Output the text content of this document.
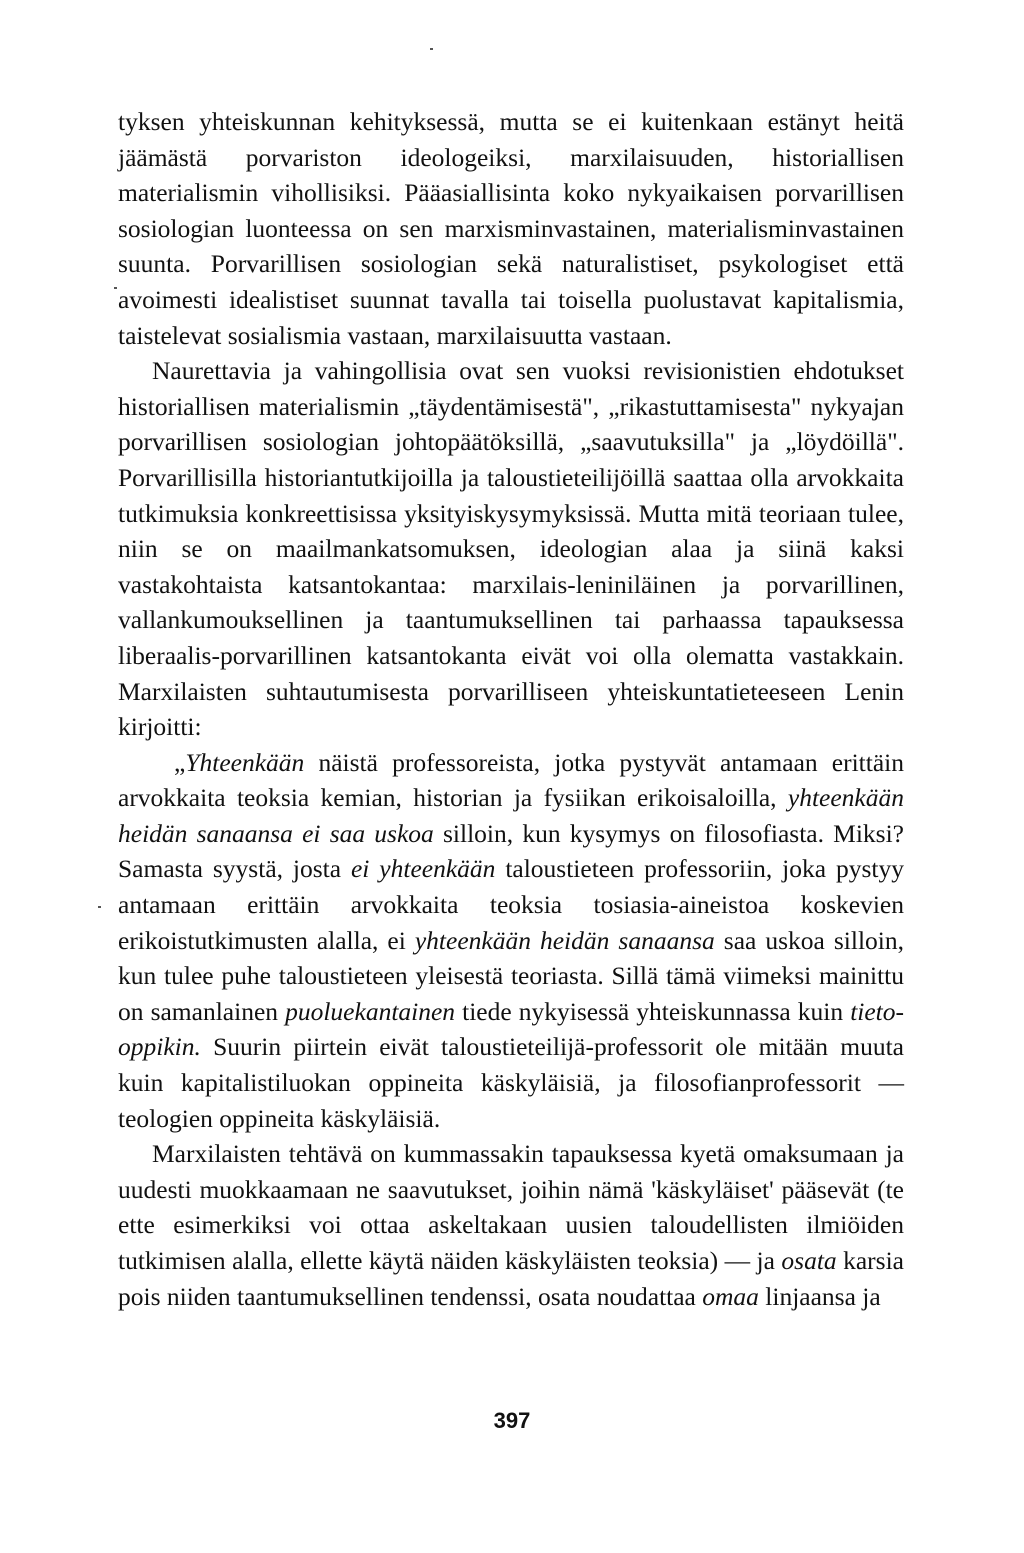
tyksen yhteiskunnan kehityksessä, mutta se ei kuitenkaan estänyt heitä jäämästä porvariston ideologeiksi, marxilaisuuden, historiallisen materialismin vihollisiksi. Pääasiallisinta koko nykyaikaisen porvarillisen sosiologian luonteessa on sen marxisminvastainen, materialisminvastainen suunta. Porvarillisen sosiologian sekä naturalistiset, psykologiset että avoimesti idealistiset suunnat tavalla tai toisella puolustavat kapitalismia, taistelevat sosialismia vastaan, marxilaisuutta vastaan.

Naurettavia ja vahingollisia ovat sen vuoksi revisionistien ehdotukset historiallisen materialismin „täydentämisestä", „rikastuttamisesta" nykyajan porvarillisen sosiologian johtopäätöksillä, „saavutuksilla" ja „löydöillä". Porvarillisilla historiantutkijoilla ja taloustieteilijöillä saattaa olla arvokkaita tutkimuksia konkreettisissa yksityiskysymyksissä. Mutta mitä teoriaan tulee, niin se on maailmankatsomuksen, ideologian alaa ja siinä kaksi vastakohtaista katsantokantaa: marxilais-leniniläinen ja porvarillinen, vallankumouksellinen ja taantumuksellinen tai parhaassa tapauksessa liberaalis-porvarillinen katsantokanta eivät voi olla olematta vastakkain. Marxilaisten suhtautumisesta porvarilliseen yhteiskuntatieteeseen Lenin kirjoitti:

„Yhteenkään näistä professoreista, jotka pystyvät antamaan erittäin arvokkaita teoksia kemian, historian ja fysiikan erikoisaloilla, yhteenkään heidän sanaansa ei saa uskoa silloin, kun kysymys on filosofiasta. Miksi? Samasta syystä, josta ei yhteenkään taloustieteen professoriin, joka pystyy antamaan erittäin arvokkaita teoksia tosiasia-aineistoa koskevien erikoistutkimusten alalla, ei yhteenkään heidän sanaansa saa uskoa silloin, kun tulee puhe taloustieteen yleisestä teoriasta. Sillä tämä viimeksi mainittu on samanlainen puoluekantainen tiede nykyisessä yhteiskunnassa kuin tieto-oppikin. Suurin piirtein eivät taloustieteilijä-professorit ole mitään muuta kuin kapitalistiluokan oppineita käskyläisiä, ja filosofianprofessorit — teologien oppineita käskyläisiä.

Marxilaisten tehtävä on kummassakin tapauksessa kyetä omaksumaan ja uudesti muokkaamaan ne saavutukset, joihin nämä 'käskyläiset' pääsevät (te ette esimerkiksi voi ottaa askeltakaan uusien taloudellisten ilmiöiden tutkimisen alalla, ellette käytä näiden käskyläisten teoksia) — ja osata karsia pois niiden taantumuksellinen tendenssi, osata noudattaa omaa linjaansa ja

397
